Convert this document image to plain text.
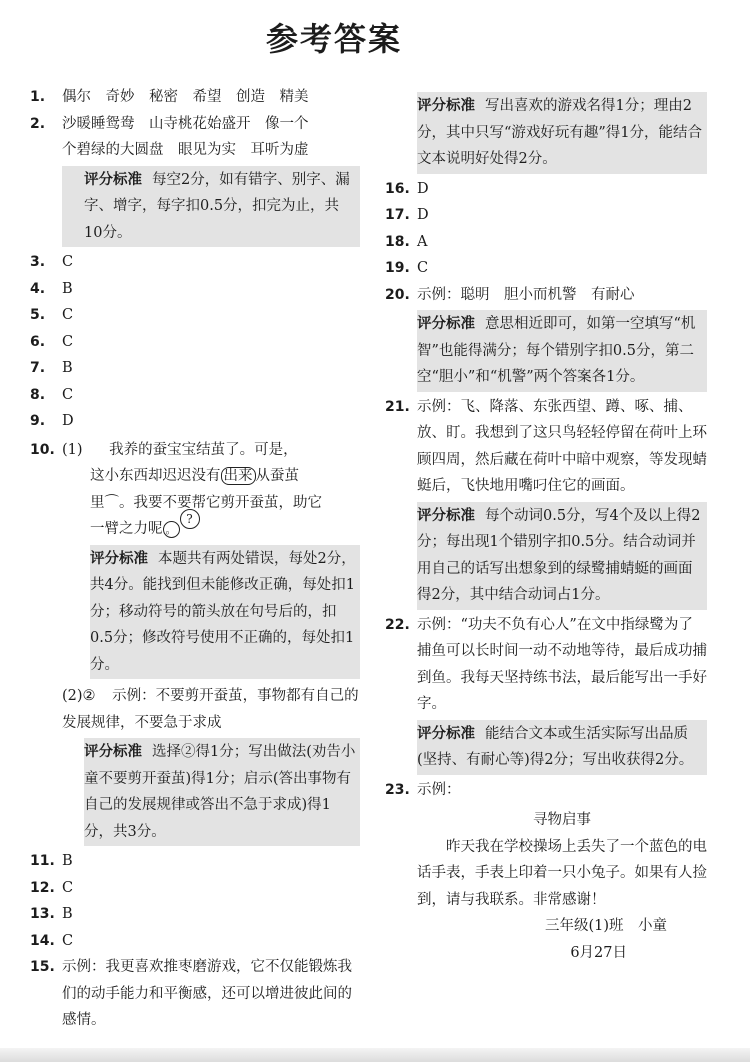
参考答案
1.	偶尔　奇妙　秘密　希望　创造　精美
2.	沙暖睡鸳鸯　山寺桃花始盛开　像一个
个碧绿的大圆盘　眼见为实　耳听为虚
评分标准 每空2分，如有错字、别字、漏字、增字，每字扣0.5分，扣完为止，共10分。
3.	C
4.	B
5.	C
6.	C
7.	B
8.	C
9.	D
10. (1) 我养的蚕宝宝结茧了。可是，
这小东西却迟迟没有 出来 从蚕茧
里⌒。我要不要帮它剪开蚕茧，助它
一臂之力呢 。?
评分标准 本题共有两处错误，每处2分，共4分。能找到但未能修改正确，每处扣1分；移动符号的箭头放在句号后的，扣0.5分；修改符号使用不正确的，每处扣1分。
(2)② 示例：不要剪开蚕茧，事物都有自己的发展规律，不要急于求成
评分标准 选择②得1分；写出做法(劝告小童不要剪开蚕茧)得1分；启示(答出事物有自己的发展规律或答出不急于求成)得1分，共3分。
11. B
12. C
13. B
14. C
15. 示例：我更喜欢推枣磨游戏，它不仅能锻炼我们的动手能力和平衡感，还可以增进彼此间的感情。
评分标准 写出喜欢的游戏名得1分；理由2分，其中只写“游戏好玩有趣”得1分，能结合文本说明好处得2分。
16. D
17. D
18. A
19. C
20. 示例：聪明　胆小而机警　有耐心
评分标准 意思相近即可，如第一空填写“机智”也能得满分；每个错别字扣0.5分，第二空“胆小”和“机警”两个答案各1分。
21. 示例：飞、降落、东张西望、蹲、啄、捕、放、盯。我想到了这只鸟轻轻停留在荷叶上环顾四周，然后藏在荷叶中暗中观察，等发现蜻蜓后，飞快地用嘴叼住它的画面。
评分标准 每个动词0.5分，写4个及以上得2分；每出现1个错别字扣0.5分。结合动词并用自己的话写出想象到的绿鹭捕蜻蜓的画面得2分，其中结合动词占1分。
22. 示例：“功夫不负有心人”在文中指绿鹭为了捕鱼可以长时间一动不动地等待，最后成功捕到鱼。我每天坚持练书法，最后能写出一手好字。
评分标准 能结合文本或生活实际写出品质(坚持、有耐心等)得2分；写出收获得2分。
23. 示例：
寻物启事
昨天我在学校操场上丢失了一个蓝色的电话手表，手表上印着一只小兔子。如果有人捡到，请与我联系。非常感谢！
三年级(1)班　小童
6月27日
